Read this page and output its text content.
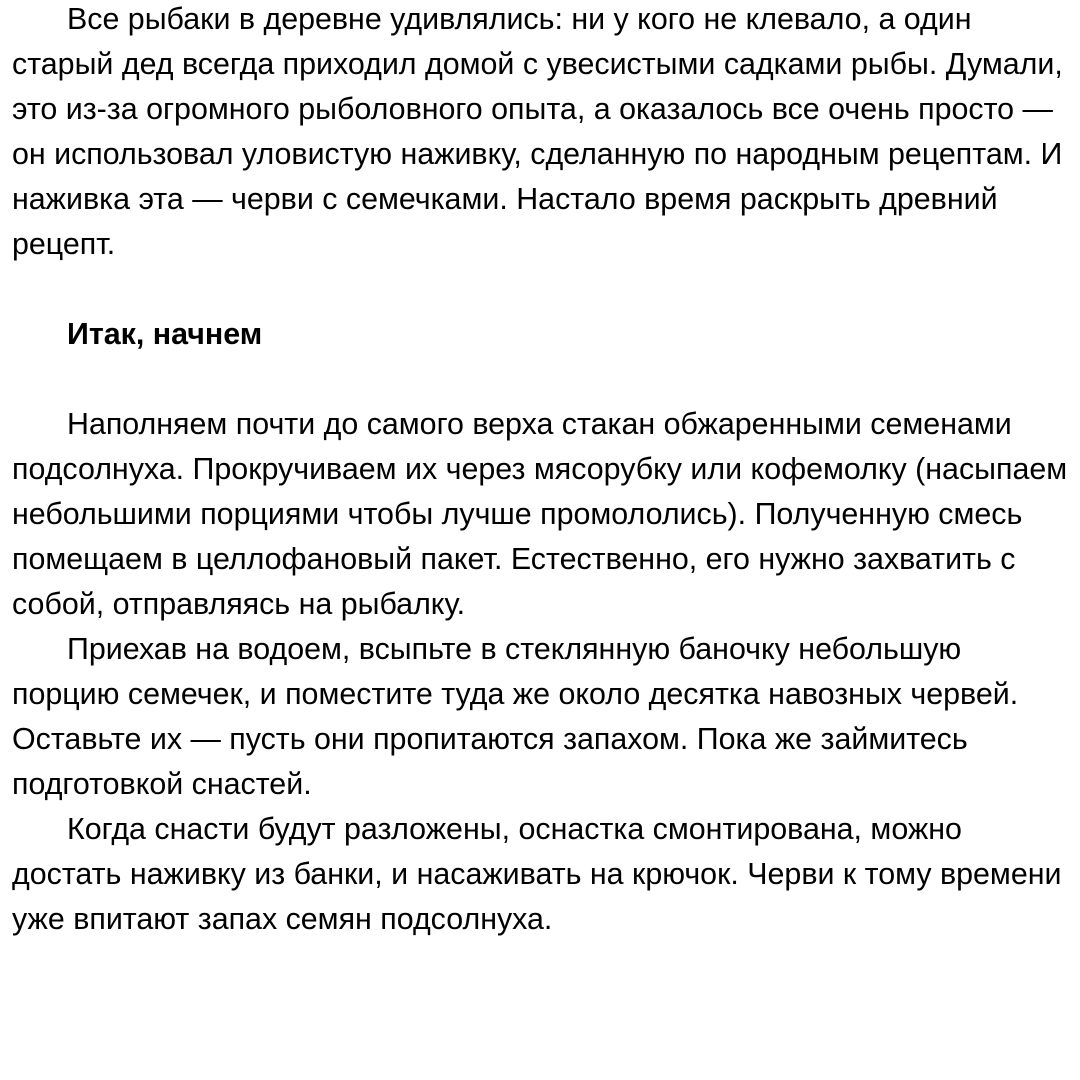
Все рыбаки в деревне удивлялись: ни у кого не клевало, а один старый дед всегда приходил домой с увесистыми садками рыбы. Думали, это из-за огромного рыболовного опыта, а оказалось все очень просто — он использовал уловистую наживку, сделанную по народным рецептам. И наживка эта — черви с семечками. Настало время раскрыть древний рецепт.

Итак, начнем

Наполняем почти до самого верха стакан обжаренными семенами подсолнуха. Прокручиваем их через мясорубку или кофемолку (насыпаем небольшими порциями чтобы лучше промололись). Полученную смесь помещаем в целлофановый пакет. Естественно, его нужно захватить с собой, отправляясь на рыбалку.

Приехав на водоем, всыпьте в стеклянную баночку небольшую порцию семечек, и поместите туда же около десятка навозных червей. Оставьте их — пусть они пропитаются запахом. Пока же займитесь подготовкой снастей.

Когда снасти будут разложены, оснастка смонтирована, можно достать наживку из банки, и насаживать на крючок. Черви к тому времени уже впитают запах семян подсолнуха.
